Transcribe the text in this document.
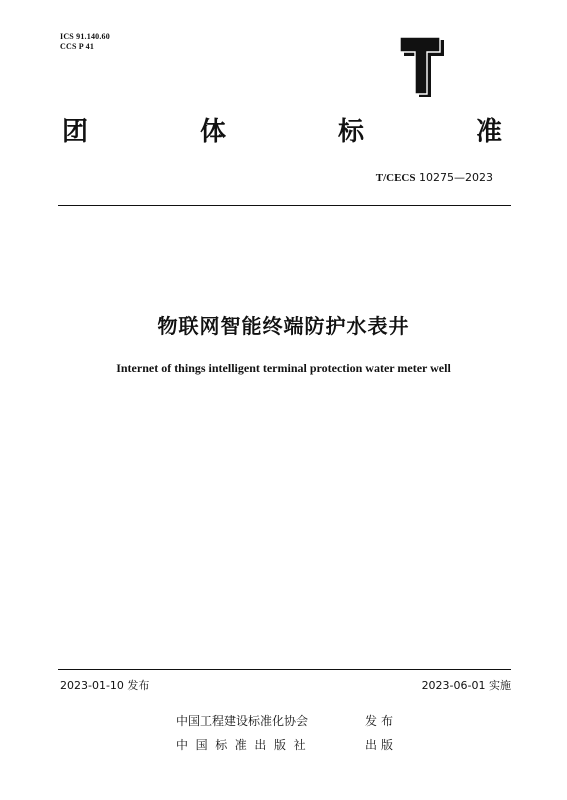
ICS 91.140.60
CCS P 41
团	体	标	准
T/CECS 10275—2023
物联网智能终端防护水表井
Internet of things intelligent terminal protection water meter well
2023-01-10 发布	2023-06-01 实施
中国工程建设标准化协会	发布
中国标准出版社	出版
